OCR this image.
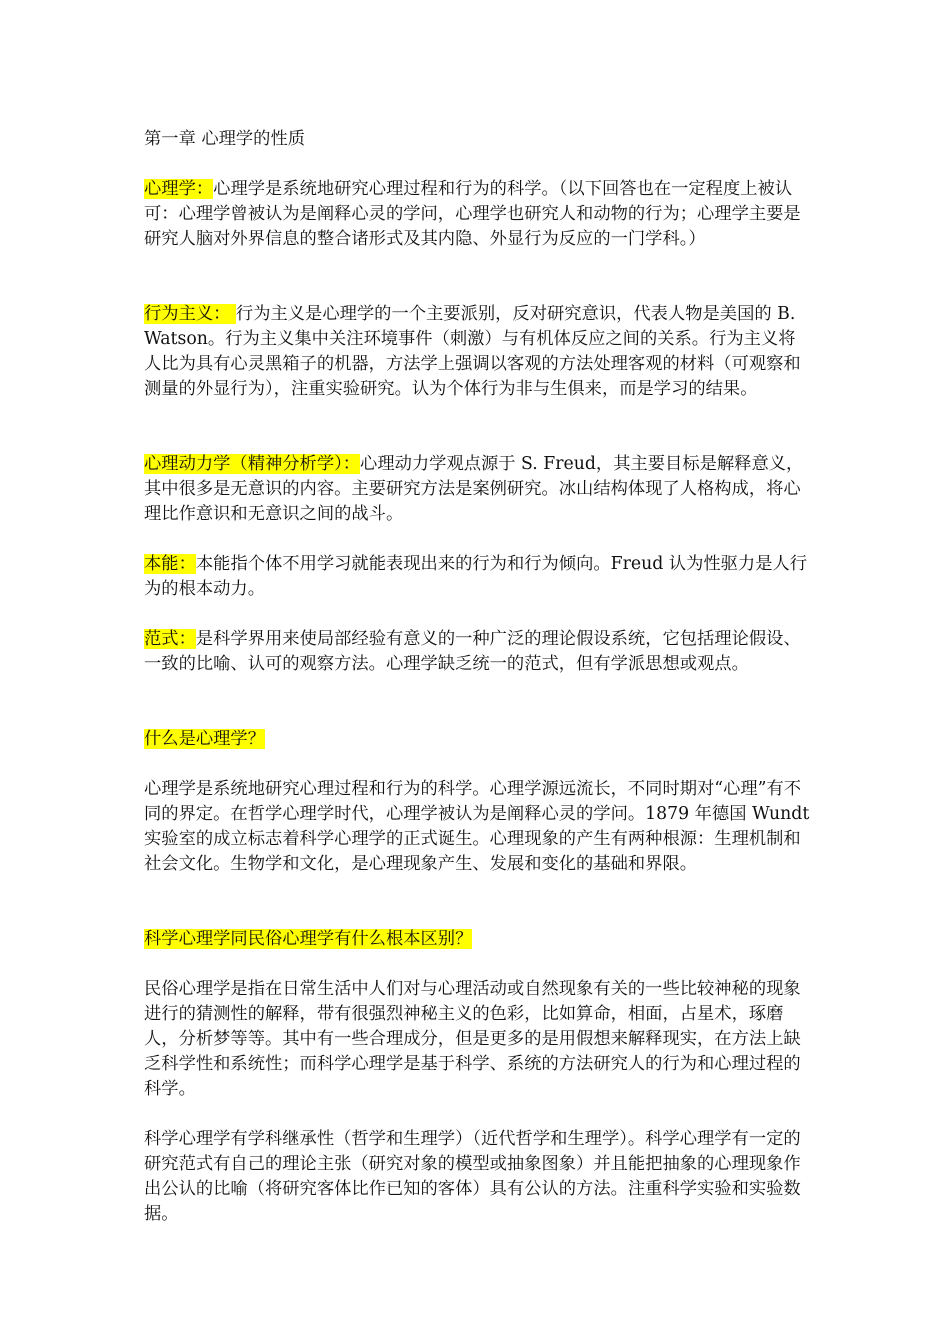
第一章 心理学的性质

心理学：心理学是系统地研究心理过程和行为的科学。（以下回答也在一定程度上被认可：心理学曾被认为是阐释心灵的学问，心理学也研究人和动物的行为；心理学主要是研究人脑对外界信息的整合诸形式及其内隐、外显行为反应的一门学科。）

行为主义： 行为主义是心理学的一个主要派别，反对研究意识，代表人物是美国的 B. Watson。行为主义集中关注环境事件（刺激）与有机体反应之间的关系。行为主义将人比为具有心灵黑箱子的机器，方法学上强调以客观的方法处理客观的材料（可观察和测量的外显行为），注重实验研究。认为个体行为非与生俱来，而是学习的结果。

心理动力学（精神分析学）：心理动力学观点源于 S. Freud，其主要目标是解释意义，其中很多是无意识的内容。主要研究方法是案例研究。冰山结构体现了人格构成，将心理比作意识和无意识之间的战斗。

本能：本能指个体不用学习就能表现出来的行为和行为倾向。Freud 认为性驱力是人行为的根本动力。

范式：是科学界用来使局部经验有意义的一种广泛的理论假设系统，它包括理论假设、一致的比喻、认可的观察方法。心理学缺乏统一的范式，但有学派思想或观点。

什么是心理学？

心理学是系统地研究心理过程和行为的科学。心理学源远流长，不同时期对“心理”有不同的界定。在哲学心理学时代，心理学被认为是阐释心灵的学问。1879 年德国 Wundt 实验室的成立标志着科学心理学的正式诞生。心理现象的产生有两种根源：生理机制和社会文化。生物学和文化，是心理现象产生、发展和变化的基础和界限。

科学心理学同民俗心理学有什么根本区别？

民俗心理学是指在日常生活中人们对与心理活动或自然现象有关的一些比较神秘的现象进行的猜测性的解释，带有很强烈神秘主义的色彩，比如算命，相面，占星术，琢磨人，分析梦等等。其中有一些合理成分，但是更多的是用假想来解释现实，在方法上缺乏科学性和系统性；而科学心理学是基于科学、系统的方法研究人的行为和心理过程的科学。

科学心理学有学科继承性（哲学和生理学）（近代哲学和生理学）。科学心理学有一定的研究范式有自己的理论主张（研究对象的模型或抽象图象）并且能把抽象的心理现象作出公认的比喻（将研究客体比作已知的客体）具有公认的方法。注重科学实验和实验数据。
